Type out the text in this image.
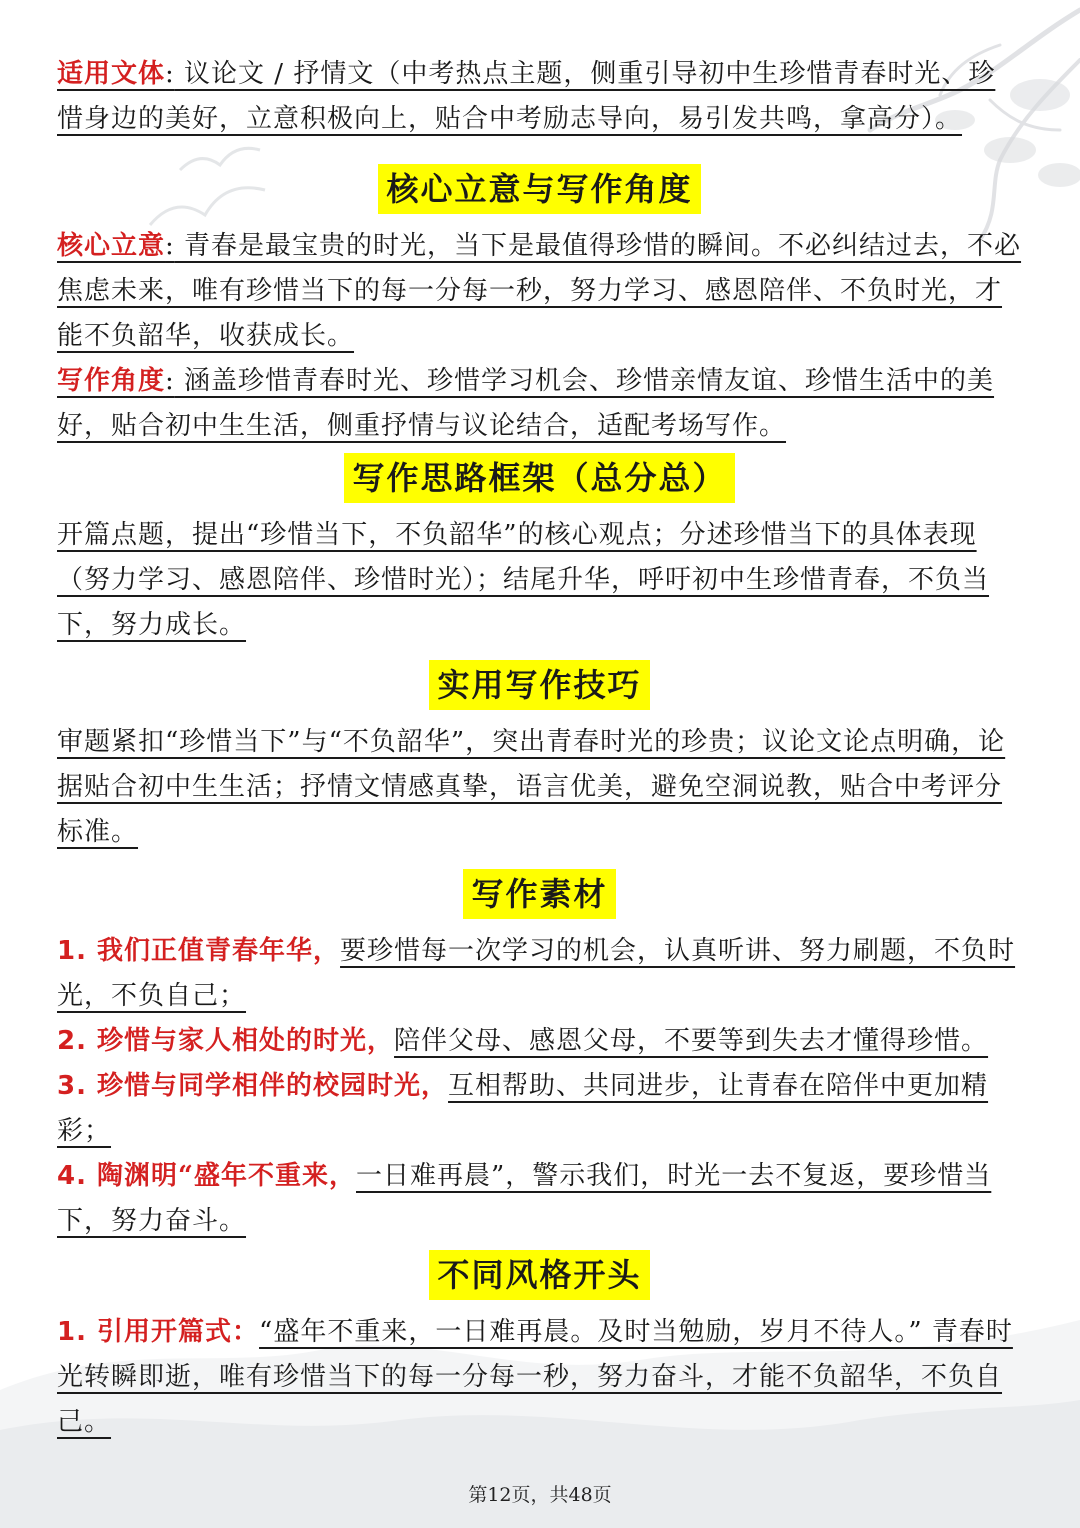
适用文体: 议论文 / 抒情文（中考热点主题，侧重引导初中生珍惜青春时光、珍惜身边的美好，立意积极向上，贴合中考励志导向，易引发共鸣，拿高分）。

核心立意与写作角度

核心立意: 青春是最宝贵的时光，当下是最值得珍惜的瞬间。不必纠结过去，不必焦虑未来，唯有珍惜当下的每一分每一秒，努力学习、感恩陪伴、不负时光，才能不负韶华，收获成长。

写作角度: 涵盖珍惜青春时光、珍惜学习机会、珍惜亲情友谊、珍惜生活中的美好，贴合初中生生活，侧重抒情与议论结合，适配考场写作。

写作思路框架（总分总）

开篇点题，提出“珍惜当下，不负韶华”的核心观点；分述珍惜当下的具体表现（努力学习、感恩陪伴、珍惜时光）；结尾升华，呼吁初中生珍惜青春，不负当下，努力成长。

实用写作技巧

审题紧扣“珍惜当下”与“不负韶华”，突出青春时光的珍贵；议论文论点明确，论据贴合初中生生活；抒情文情感真挚，语言优美，避免空洞说教，贴合中考评分标准。

写作素材

1. 我们正值青春年华，要珍惜每一次学习的机会，认真听讲、努力刷题，不负时光，不负自己；

2. 珍惜与家人相处的时光，陪伴父母、感恩父母，不要等到失去才懂得珍惜。

3. 珍惜与同学相伴的校园时光，互相帮助、共同进步，让青春在陪伴中更加精彩；

4. 陶渊明“盛年不重来，一日难再晨”，警示我们，时光一去不复返，要珍惜当下，努力奋斗。

不同风格开头

1. 引用开篇式：“盛年不重来，一日难再晨。及时当勉励，岁月不待人。” 青春时光转瞬即逝，唯有珍惜当下的每一分每一秒，努力奋斗，才能不负韶华，不负自己。

第12页，共48页
